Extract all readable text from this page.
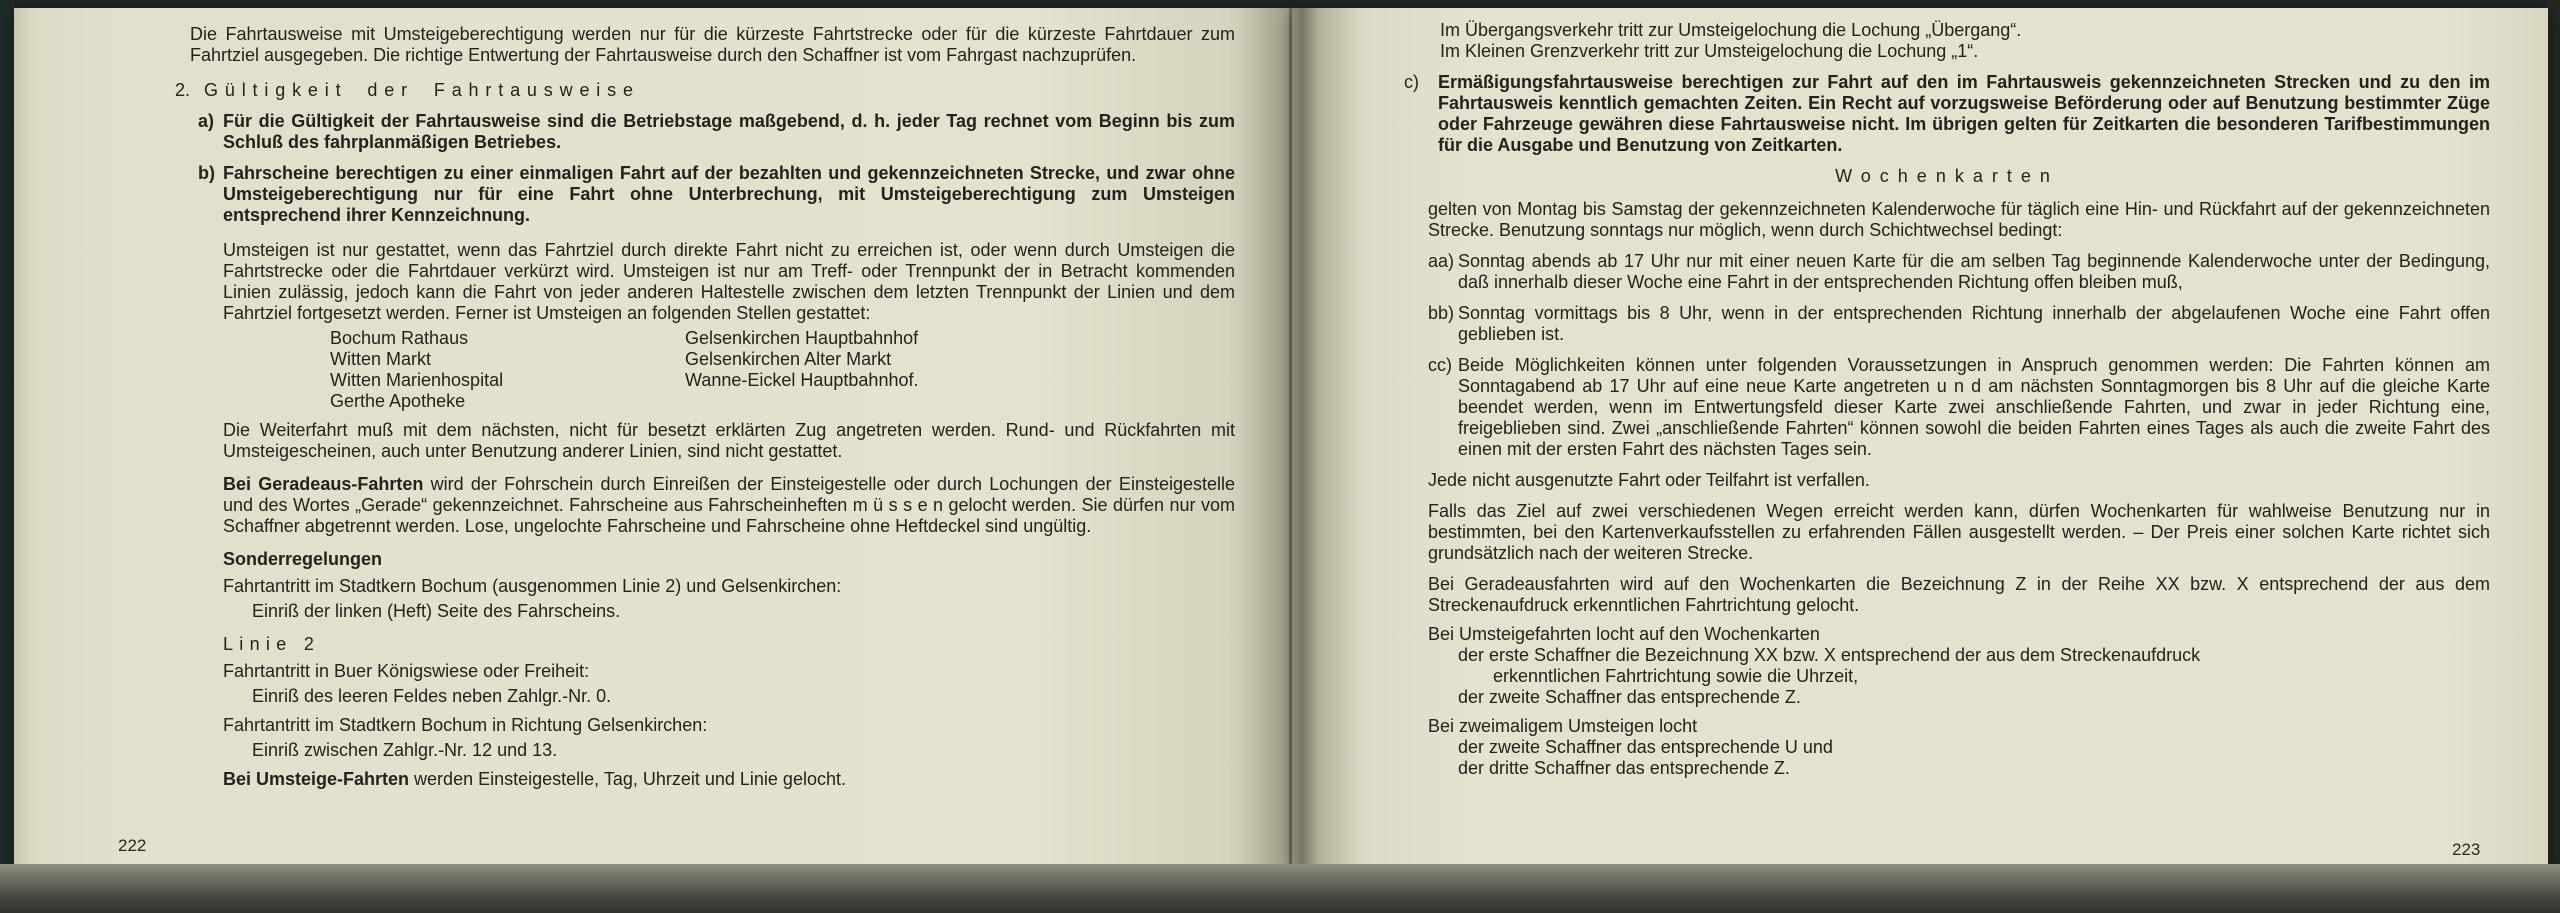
Die Fahrtausweise mit Umsteigeberechtigung werden nur für die kürzeste Fahrtstrecke oder für die kürzeste Fahrtdauer zum Fahrtziel ausgegeben. Die richtige Entwertung der Fahrtausweise durch den Schaffner ist vom Fahrgast nachzuprüfen.

2. Gültigkeit der Fahrtausweise
a) Für die Gültigkeit der Fahrtausweise sind die Betriebstage maßgebend, d. h. jeder Tag rechnet vom Beginn bis zum Schluß des fahrplanmäßigen Betriebes.
b) Fahrscheine berechtigen zu einer einmaligen Fahrt auf der bezahlten und gekennzeichneten Strecke, und zwar ohne Umsteigeberechtigung nur für eine Fahrt ohne Unterbrechung, mit Umsteigeberechtigung zum Umsteigen entsprechend ihrer Kennzeichnung.

Umsteigen ist nur gestattet, wenn das Fahrtziel durch direkte Fahrt nicht zu erreichen ist, oder wenn durch Umsteigen die Fahrtstrecke oder die Fahrtdauer verkürzt wird. Umsteigen ist nur am Treff- oder Trennpunkt der in Betracht kommenden Linien zulässig, jedoch kann die Fahrt von jeder anderen Haltestelle zwischen dem letzten Trennpunkt der Linien und dem Fahrtziel fortgesetzt werden. Ferner ist Umsteigen an folgenden Stellen gestattet:

Bochum Rathaus	Gelsenkirchen Hauptbahnhof
Witten Markt	Gelsenkirchen Alter Markt
Witten Marienhospital	Wanne-Eickel Hauptbahnhof.
Gerthe Apotheke

Die Weiterfahrt muß mit dem nächsten, nicht für besetzt erklärten Zug angetreten werden. Rund- und Rückfahrten mit Umsteigescheinen, auch unter Benutzung anderer Linien, sind nicht gestattet.

Bei Geradeaus-Fahrten wird der Fohrschein durch Einreißen der Einsteigestelle oder durch Lochungen der Einsteigestelle und des Wortes „Gerade“ gekennzeichnet. Fahrscheine aus Fahrscheinheften m ü s s e n gelocht werden. Sie dürfen nur vom Schaffner abgetrennt werden. Lose, ungelochte Fahrscheine und Fahrscheine ohne Heftdeckel sind ungültig.

Sonderregelungen
Fahrtantritt im Stadtkern Bochum (ausgenommen Linie 2) und Gelsenkirchen:
Einriß der linken (Heft) Seite des Fahrscheins.
Linie 2
Fahrtantritt in Buer Königswiese oder Freiheit:
Einriß des leeren Feldes neben Zahlgr.-Nr. 0.
Fahrtantritt im Stadtkern Bochum in Richtung Gelsenkirchen:
Einriß zwischen Zahlgr.-Nr. 12 und 13.
Bei Umsteige-Fahrten werden Einsteigestelle, Tag, Uhrzeit und Linie gelocht.
Im Übergangsverkehr tritt zur Umsteigelochung die Lochung „Übergang“.
Im Kleinen Grenzverkehr tritt zur Umsteigelochung die Lochung „1“.
c) Ermäßigungsfahrtausweise berechtigen zur Fahrt auf den im Fahrtausweis gekennzeichneten Strecken und zu den im Fahrtausweis kenntlich gemachten Zeiten. Ein Recht auf vorzugsweise Beförderung oder auf Benutzung bestimmter Züge oder Fahrzeuge gewähren diese Fahrtausweise nicht. Im übrigen gelten für Zeitkarten die besonderen Tarifbestimmungen für die Ausgabe und Benutzung von Zeitkarten.
Wochenkarten

gelten von Montag bis Samstag der gekennzeichneten Kalenderwoche für täglich eine Hin- und Rückfahrt auf der gekennzeichneten Strecke. Benutzung sonntags nur möglich, wenn durch Schichtwechsel bedingt:

aa) Sonntag abends ab 17 Uhr nur mit einer neuen Karte für die am selben Tag beginnende Kalenderwoche unter der Bedingung, daß innerhalb dieser Woche eine Fahrt in der entsprechenden Richtung offen bleiben muß,
bb) Sonntag vormittags bis 8 Uhr, wenn in der entsprechenden Richtung innerhalb der abgelaufenen Woche eine Fahrt offen geblieben ist.
cc) Beide Möglichkeiten können unter folgenden Voraussetzungen in Anspruch genommen werden: Die Fahrten können am Sonntagabend ab 17 Uhr auf eine neue Karte angetreten u n d am nächsten Sonntagmorgen bis 8 Uhr auf die gleiche Karte beendet werden, wenn im Entwertungsfeld dieser Karte zwei anschließende Fahrten, und zwar in jeder Richtung eine, freigeblieben sind. Zwei „anschließende Fahrten“ können sowohl die beiden Fahrten eines Tages als auch die zweite Fahrt des einen mit der ersten Fahrt des nächsten Tages sein.
Jede nicht ausgenutzte Fahrt oder Teilfahrt ist verfallen.

Falls das Ziel auf zwei verschiedenen Wegen erreicht werden kann, dürfen Wochenkarten für wahlweise Benutzung nur in bestimmten, bei den Kartenverkaufsstellen zu erfahrenden Fällen ausgestellt werden. – Der Preis einer solchen Karte richtet sich grundsätzlich nach der weiteren Strecke.

Bei Geradeausfahrten wird auf den Wochenkarten die Bezeichnung Z in der Reihe XX bzw. X entsprechend der aus dem Streckenaufdruck erkenntlichen Fahrtrichtung gelocht.

Bei Umsteigefahrten locht auf den Wochenkarten
der erste Schaffner die Bezeichnung XX bzw. X entsprechend der aus dem Streckenaufdruck
erkenntlichen Fahrtrichtung sowie die Uhrzeit,
der zweite Schaffner das entsprechende Z.
Bei zweimaligem Umsteigen locht
der zweite Schaffner das entsprechende U und
der dritte Schaffner das entsprechende Z.
222	223
